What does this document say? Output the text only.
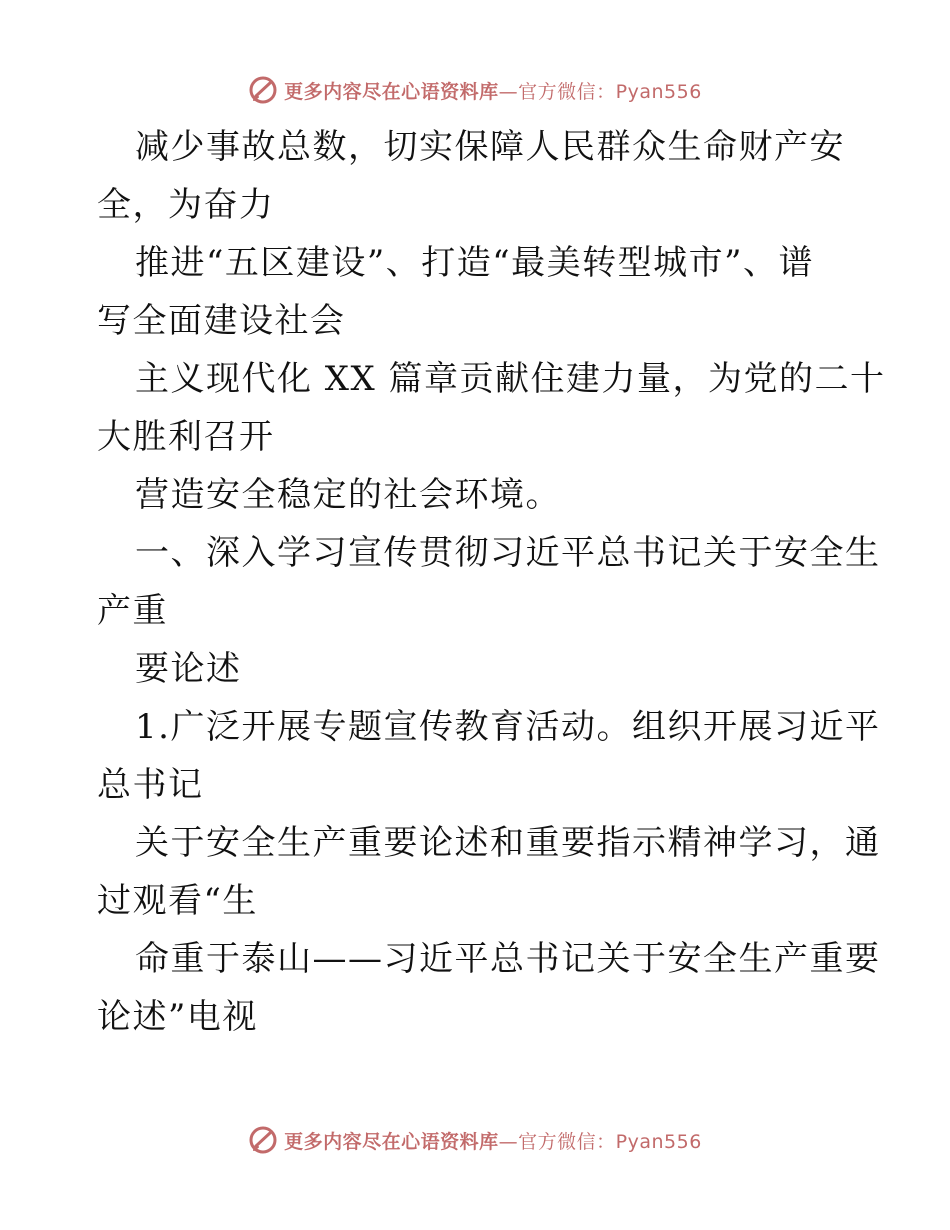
更多内容尽在心语资料库—官方微信：Pyan556
减少事故总数，切实保障人民群众生命财产安
全，为奋力
推进“五区建设”、打造“最美转型城市”、谱
写全面建设社会
主义现代化 XX 篇章贡献住建力量，为党的二十
大胜利召开
营造安全稳定的社会环境。
一、深入学习宣传贯彻习近平总书记关于安全生
产重
要论述
1.广泛开展专题宣传教育活动。组织开展习近平
总书记
关于安全生产重要论述和重要指示精神学习，通
过观看“生
命重于泰山——习近平总书记关于安全生产重要
论述”电视
更多内容尽在心语资料库—官方微信：Pyan556
